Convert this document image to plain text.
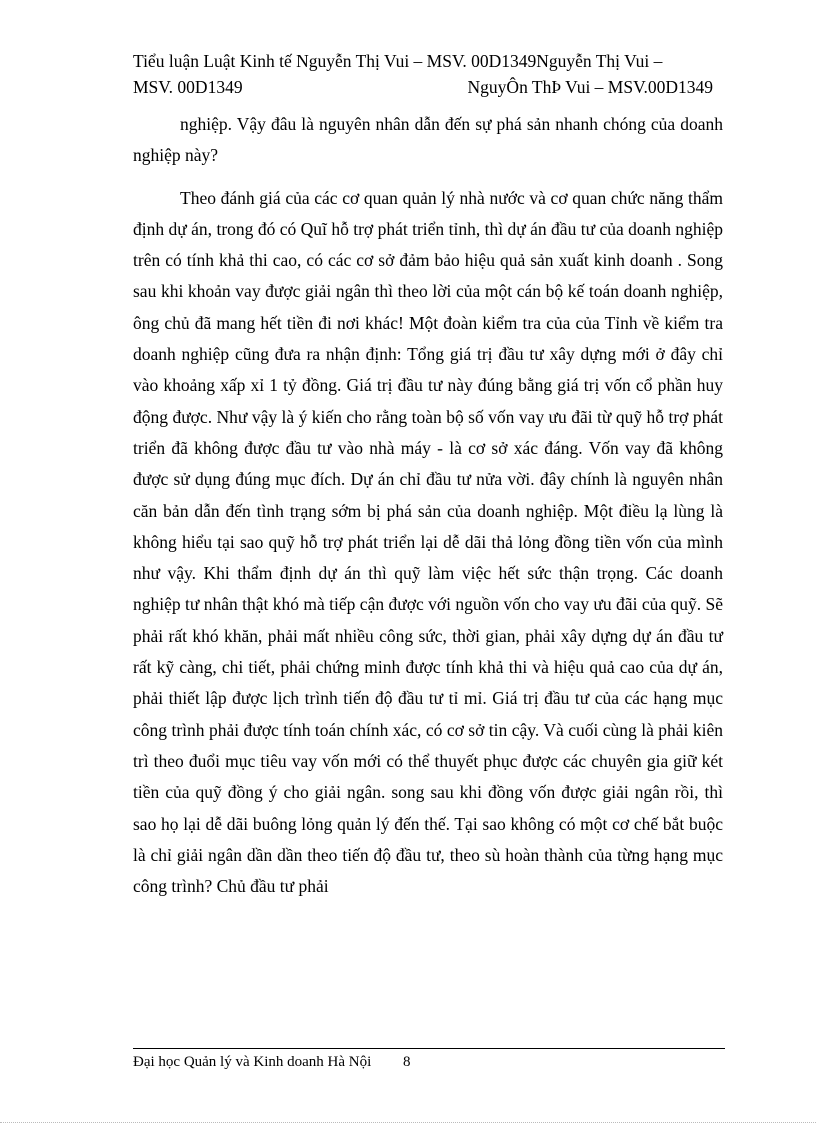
Tiểu luận Luật Kinh tế Nguyễn Thị Vui – MSV. 00D1349Nguyễn Thị Vui –
MSV. 00D1349	NguyÔn ThÞ Vui – MSV.00D1349

nghiệp. Vậy đâu là nguyên nhân dẫn đến sự phá sản nhanh chóng của doanh nghiệp này?

Theo đánh giá của các cơ quan quản lý nhà nước và cơ quan chức năng thẩm định dự án, trong đó có Quĩ hỗ trợ phát triển tỉnh, thì dự án đầu tư của doanh nghiệp trên có tính khả thi cao, có các cơ sở đảm bảo hiệu quả sản xuất kinh doanh . Song sau khi khoản vay được giải ngân thì theo lời của một cán bộ kế toán doanh nghiệp, ông chủ đã mang hết tiền đi nơi khác! Một đoàn kiểm tra của của Tỉnh về kiểm tra doanh nghiệp cũng đưa ra nhận định: Tổng giá trị đầu tư xây dựng mới ở đây chỉ vào khoảng xấp xỉ 1 tỷ đồng. Giá trị đầu tư này đúng bằng giá trị vốn cổ phần huy động được. Như vậy là ý kiến cho rằng toàn bộ số vốn vay ưu đãi từ quỹ hỗ trợ phát triển đã không được đầu tư vào nhà máy - là cơ sở xác đáng. Vốn vay đã không được sử dụng đúng mục đích. Dự án chỉ đầu tư nửa vời. đây chính là nguyên nhân căn bản dẫn đến tình trạng sớm bị phá sản của doanh nghiệp. Một điều lạ lùng là không hiểu tại sao quỹ hỗ trợ phát triển lại dễ dãi thả lỏng đồng tiền vốn của mình như vậy. Khi thẩm định dự án thì quỹ làm việc hết sức thận trọng. Các doanh nghiệp tư nhân thật khó mà tiếp cận được với nguồn vốn cho vay ưu đãi của quỹ. Sẽ phải rất khó khăn, phải mất nhiều công sức, thời gian, phải xây dựng dự án đầu tư rất kỹ càng, chi tiết, phải chứng minh được tính khả thi và hiệu quả cao của dự án, phải thiết lập được lịch trình tiến độ đầu tư tỉ mỉ. Giá trị đầu tư của các hạng mục công trình phải được tính toán chính xác, có cơ sở tin cậy. Và cuối cùng là phải kiên trì theo đuổi mục tiêu vay vốn mới có thể thuyết phục được các chuyên gia giữ két tiền của quỹ đồng ý cho giải ngân. song sau khi đồng vốn được giải ngân rồi, thì sao họ lại dễ dãi buông lỏng quản lý đến thế. Tại sao không có một cơ chế bắt buộc là chỉ giải ngân dần dần theo tiến độ đầu tư, theo sù hoàn thành của từng hạng mục công trình? Chủ đầu tư phải

Đại học Quản lý và Kinh doanh Hà Nội 8
